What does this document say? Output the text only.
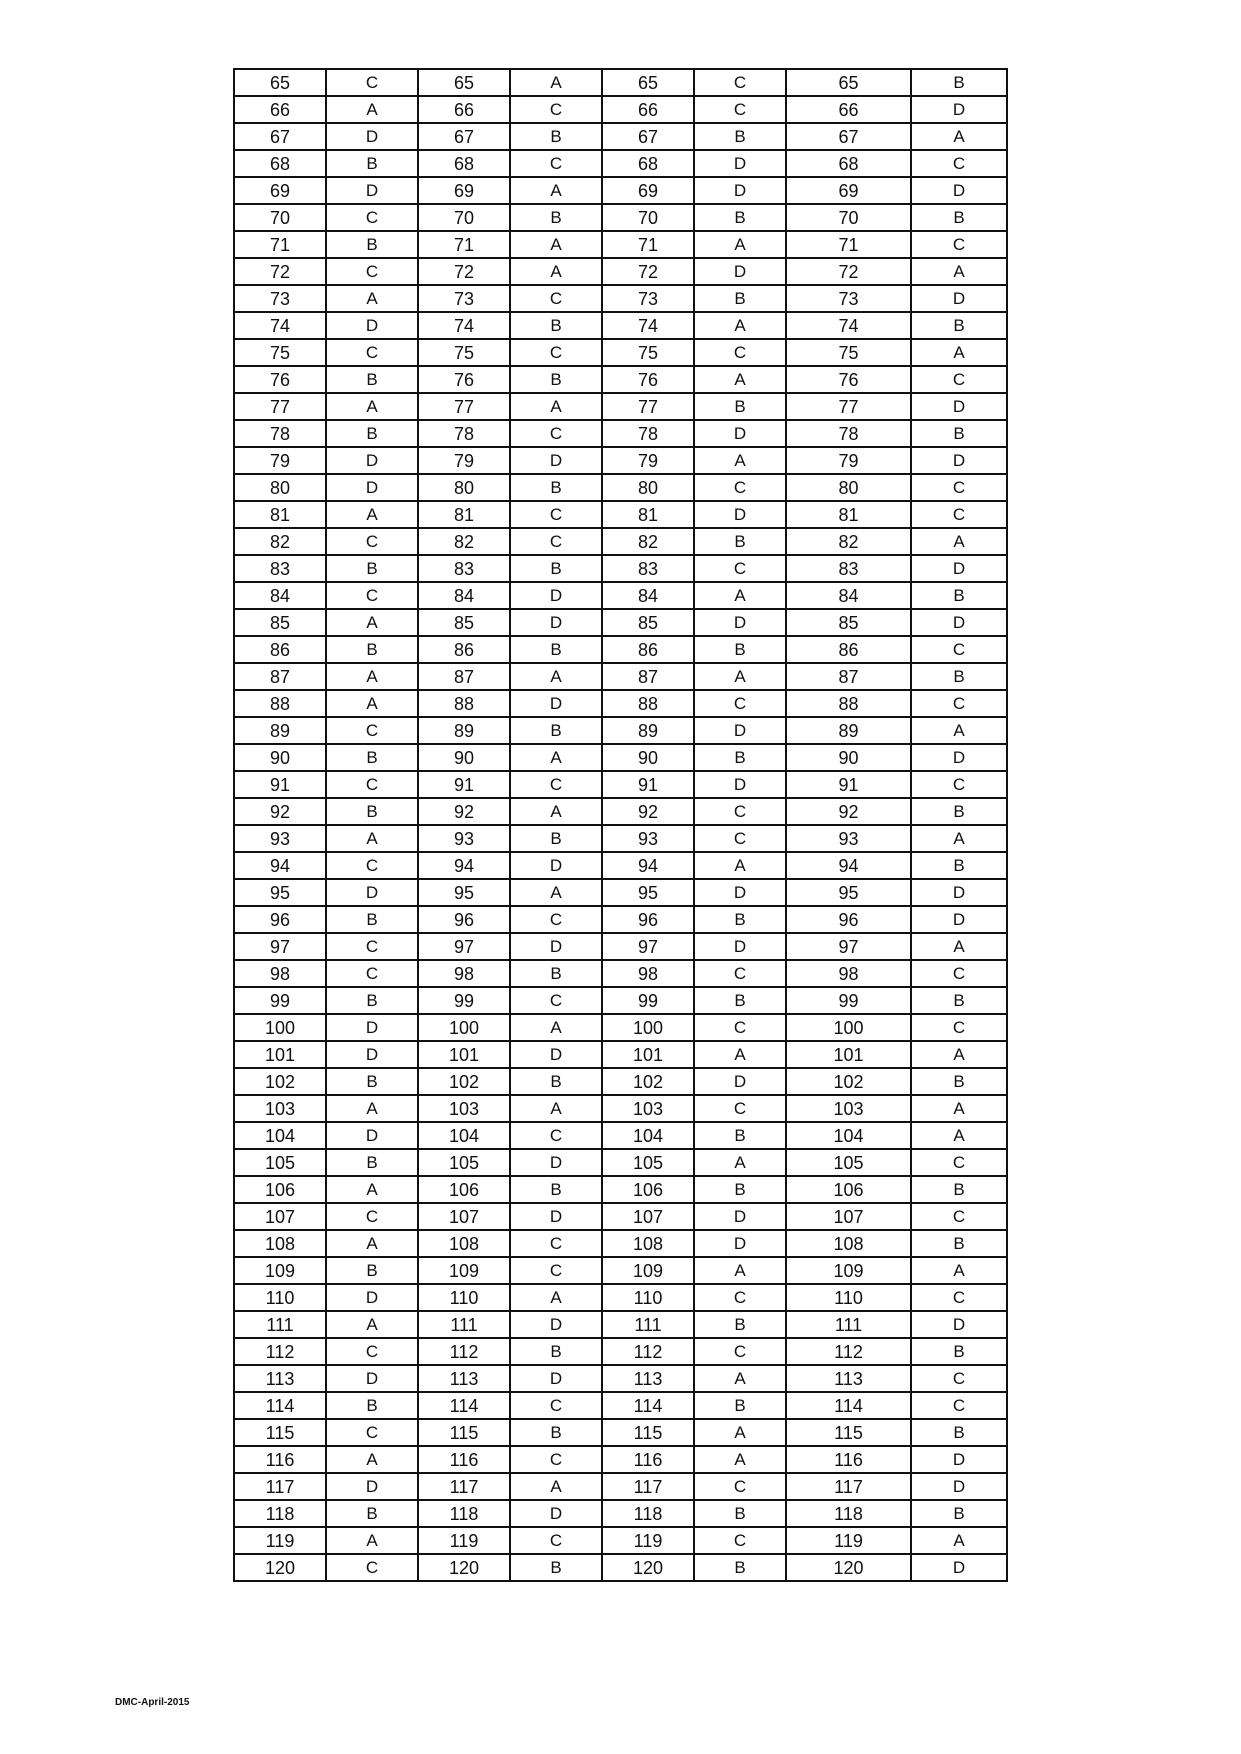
65	C	65	A	65	C	65	B
66	A	66	C	66	C	66	D
67	D	67	B	67	B	67	A
68	B	68	C	68	D	68	C
69	D	69	A	69	D	69	D
70	C	70	B	70	B	70	B
71	B	71	A	71	A	71	C
72	C	72	A	72	D	72	A
73	A	73	C	73	B	73	D
74	D	74	B	74	A	74	B
75	C	75	C	75	C	75	A
76	B	76	B	76	A	76	C
77	A	77	A	77	B	77	D
78	B	78	C	78	D	78	B
79	D	79	D	79	A	79	D
80	D	80	B	80	C	80	C
81	A	81	C	81	D	81	C
82	C	82	C	82	B	82	A
83	B	83	B	83	C	83	D
84	C	84	D	84	A	84	B
85	A	85	D	85	D	85	D
86	B	86	B	86	B	86	C
87	A	87	A	87	A	87	B
88	A	88	D	88	C	88	C
89	C	89	B	89	D	89	A
90	B	90	A	90	B	90	D
91	C	91	C	91	D	91	C
92	B	92	A	92	C	92	B
93	A	93	B	93	C	93	A
94	C	94	D	94	A	94	B
95	D	95	A	95	D	95	D
96	B	96	C	96	B	96	D
97	C	97	D	97	D	97	A
98	C	98	B	98	C	98	C
99	B	99	C	99	B	99	B
100	D	100	A	100	C	100	C
101	D	101	D	101	A	101	A
102	B	102	B	102	D	102	B
103	A	103	A	103	C	103	A
104	D	104	C	104	B	104	A
105	B	105	D	105	A	105	C
106	A	106	B	106	B	106	B
107	C	107	D	107	D	107	C
108	A	108	C	108	D	108	B
109	B	109	C	109	A	109	A
110	D	110	A	110	C	110	C
111	A	111	D	111	B	111	D
112	C	112	B	112	C	112	B
113	D	113	D	113	A	113	C
114	B	114	C	114	B	114	C
115	C	115	B	115	A	115	B
116	A	116	C	116	A	116	D
117	D	117	A	117	C	117	D
118	B	118	D	118	B	118	B
119	A	119	C	119	C	119	A
120	C	120	B	120	B	120	D
DMC-April-2015
